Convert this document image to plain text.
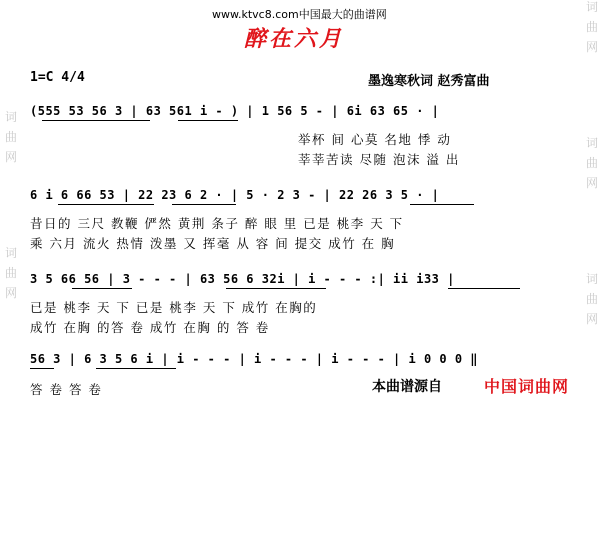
词
曲
网
词
曲
网
词
曲
网
词
曲
网
词
曲
网
www.ktvc8.com中国最大的曲谱网
醉在六月
1=C 4/4	墨逸寒秋词 赵秀富曲
(555 53 56 3 | 63 561 i - ) | 1 56 5 - | 6i 63 65 · |
举杯 间 心莫 名地 悸 动
莘莘苦读 尽随 泡沫 溢 出
6 i 6 66 53 | 22 23 6 2 · | 5 · 2 3 - | 22 26 3 5 · |
昔日的 三尺 教鞭 俨然 黄荆 条子 醉 眼 里 已是 桃李 天 下
乘 六月 流火 热情 泼墨 又 挥毫 从 容 间 提交 成竹 在 胸
3 5 66 56 | 3 - - - | 63 56 6 32i | i - - - :| ii i33 |
已是 桃李 天 下 已是 桃李 天 下 成竹 在胸的
成竹 在胸 的答 卷 成竹 在胸 的 答 卷
56 3 | 6 3 5 6 i | i - - - | i - - - | i - - - | i 0 0 0 ‖
答 卷 答 卷	本曲谱源自	中国词曲网
